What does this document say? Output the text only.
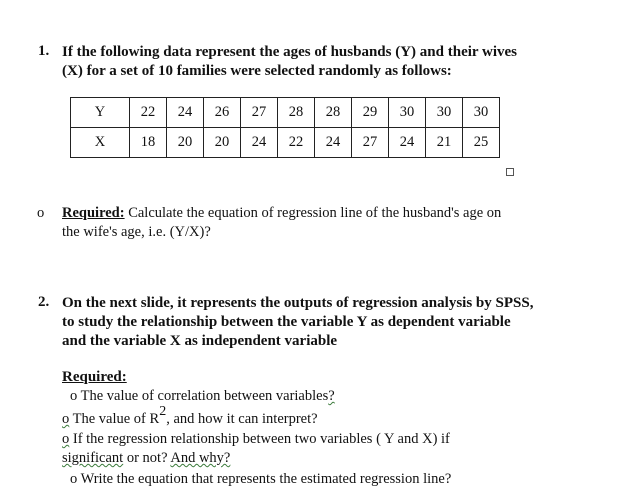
1. If the following data represent the ages of husbands (Y) and their wives
(X) for a set of 10 families were selected randomly as follows:
Y	22	24	26	27	28	28	29	30	30	30
X	18	20	20	24	22	24	27	24	21	25
o Required: Calculate the equation of regression line of the husband's age on
the wife's age, i.e. (Y/X)?
2. On the next slide, it represents the outputs of regression analysis by SPSS,
to study the relationship between the variable Y as dependent variable
and the variable X as independent variable
Required:
o The value of correlation between variables?
o The value of $R^2$, and how it can interpret?
o If the regression relationship between two variables ( Y and X) if
significant or not? And why?
o Write the equation that represents the estimated regression line?
